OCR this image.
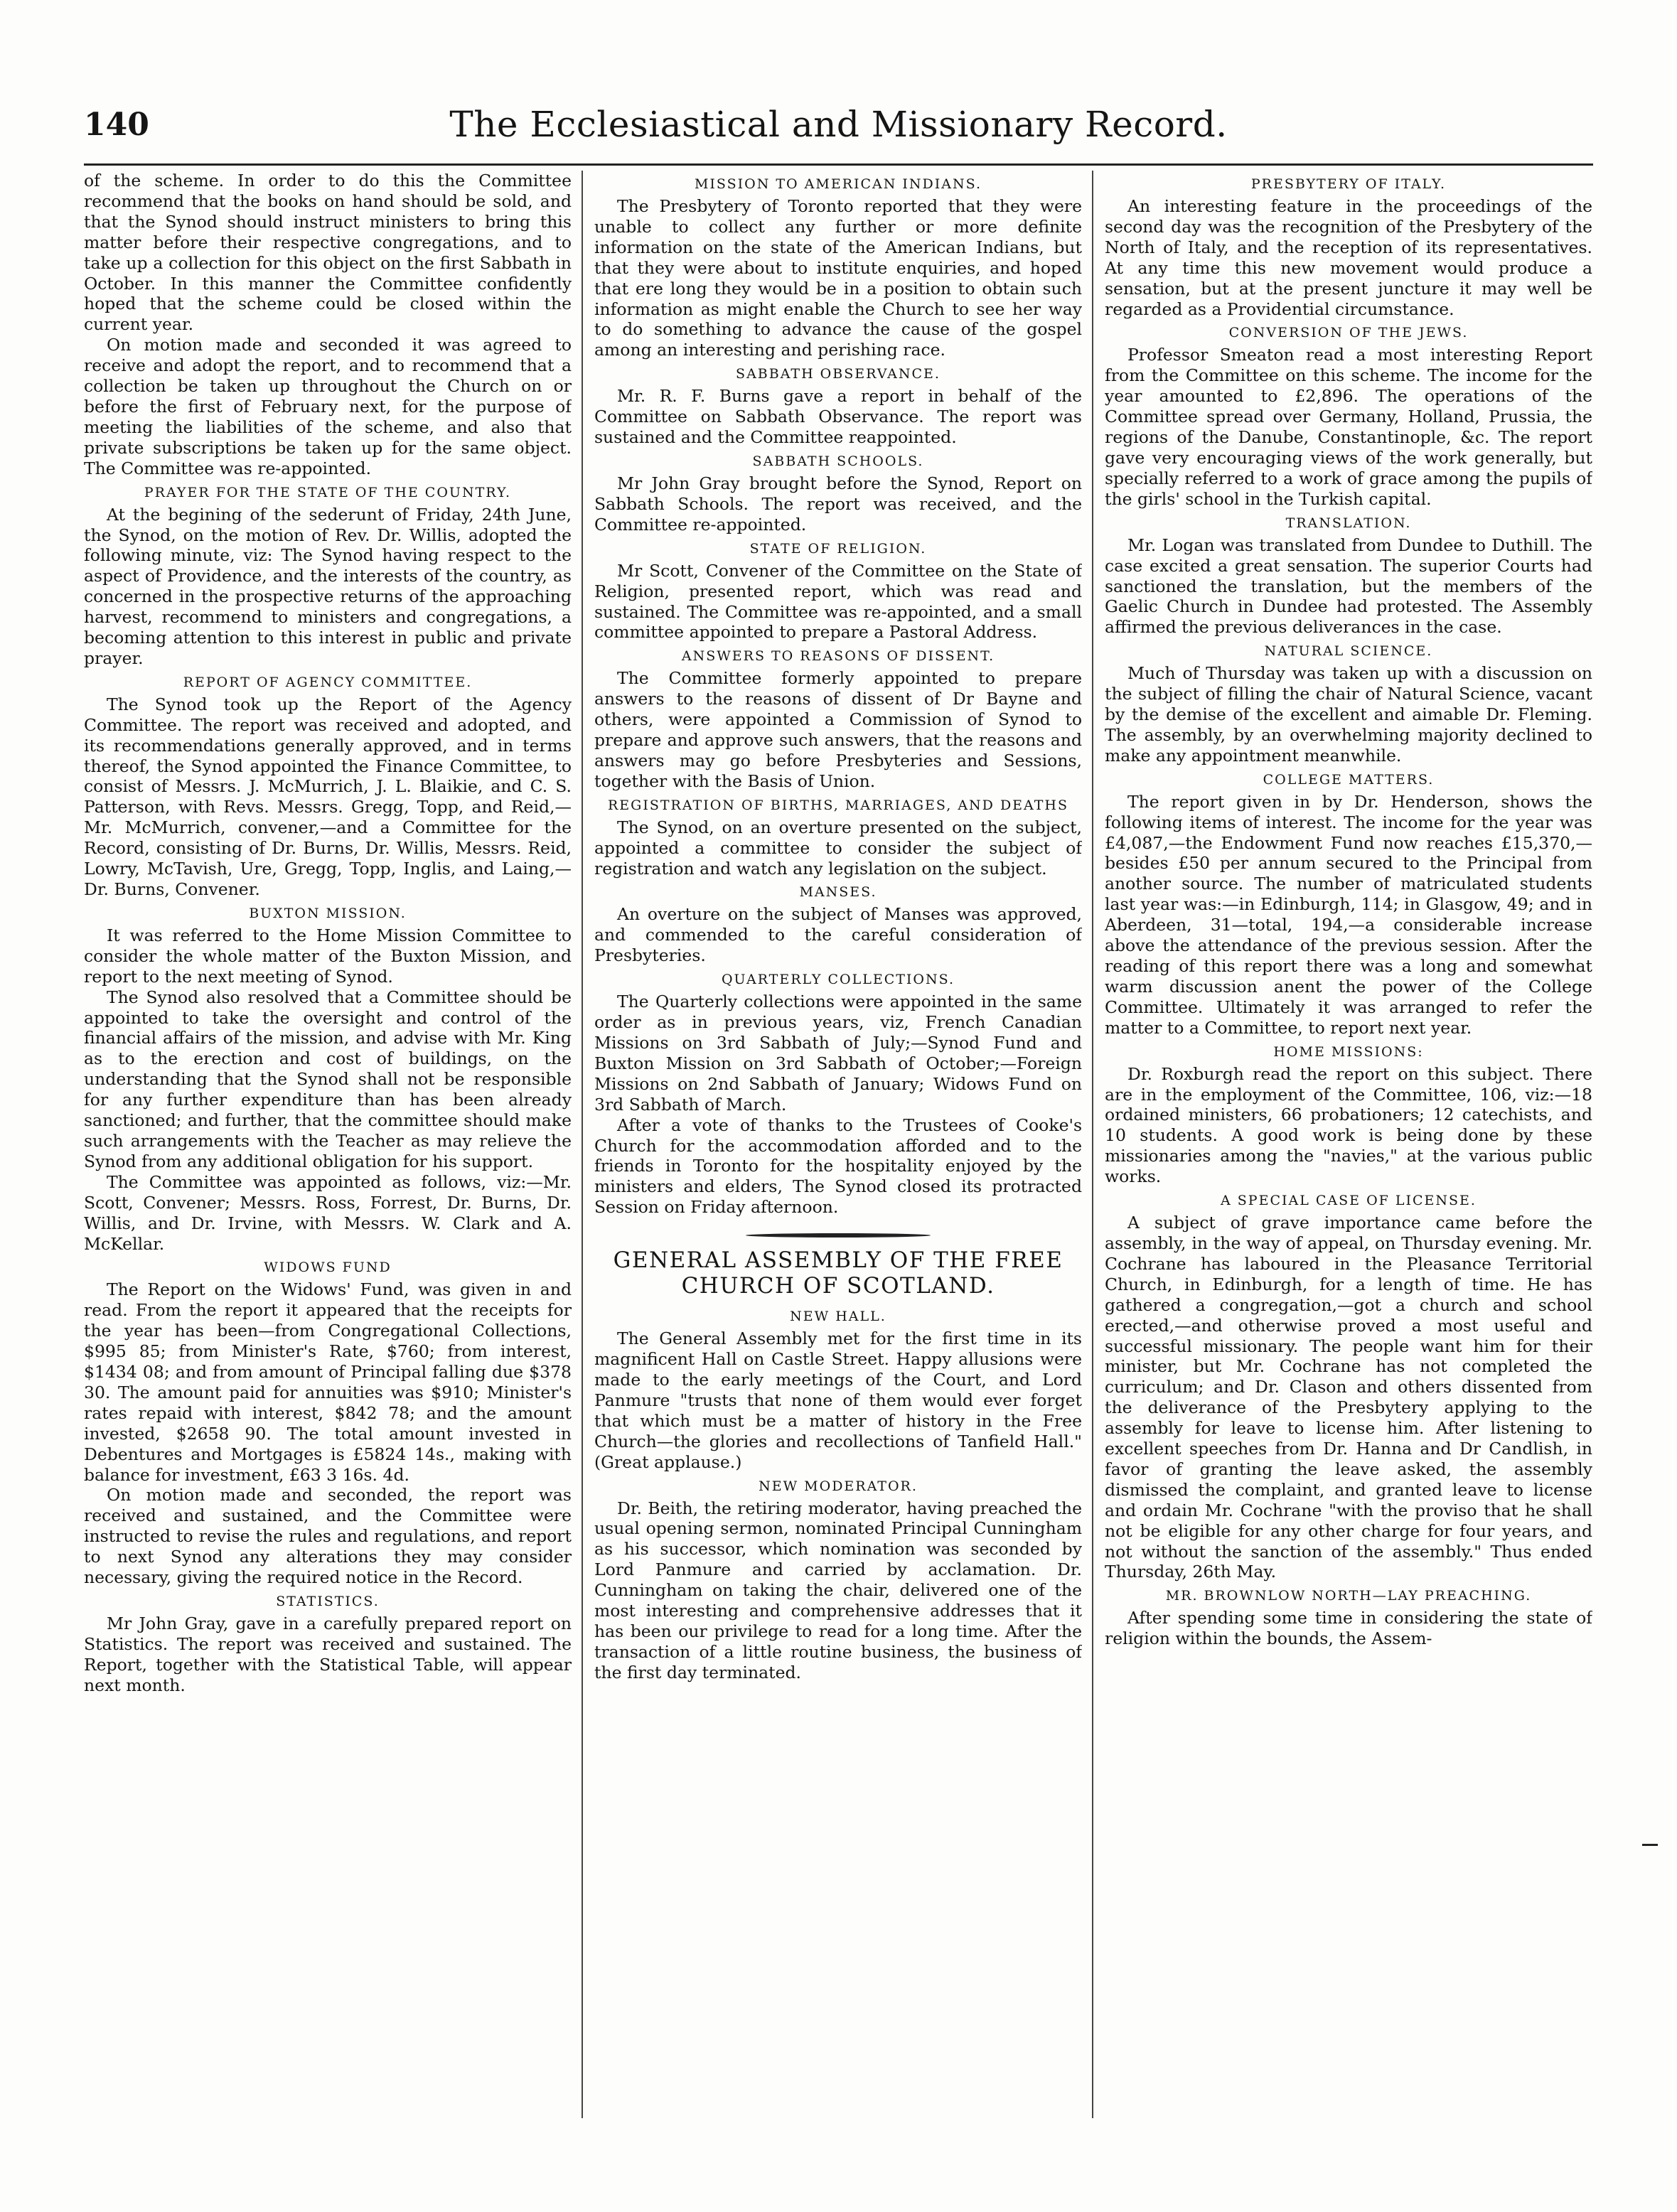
140	The Ecclesiastical and Missionary Record.

of the scheme. In order to do this the Committee recommend that the books on hand should be sold, and that the Synod should instruct ministers to bring this matter before their respective congregations, and to take up a collection for this object on the first Sabbath in October. In this manner the Committee confidently hoped that the scheme could be closed within the current year.

On motion made and seconded it was agreed to receive and adopt the report, and to recommend that a collection be taken up throughout the Church on or before the first of February next, for the purpose of meeting the liabilities of the scheme, and also that private subscriptions be taken up for the same object. The Committee was re-appointed.

PRAYER FOR THE STATE OF THE COUNTRY.

At the begining of the sederunt of Friday, 24th June, the Synod, on the motion of Rev. Dr. Willis, adopted the following minute, viz: The Synod having respect to the aspect of Providence, and the interests of the country, as concerned in the prospective returns of the approaching harvest, recommend to ministers and congregations, a becoming attention to this interest in public and private prayer.

REPORT OF AGENCY COMMITTEE.

The Synod took up the Report of the Agency Committee. The report was received and adopted, and its recommendations generally approved, and in terms thereof, the Synod appointed the Finance Committee, to consist of Messrs. J. McMurrich, J. L. Blaikie, and C. S. Patterson, with Revs. Messrs. Gregg, Topp, and Reid,—Mr. McMurrich, convener,—and a Committee for the Record, consisting of Dr. Burns, Dr. Willis, Messrs. Reid, Lowry, McTavish, Ure, Gregg, Topp, Inglis, and Laing,—Dr. Burns, Convener.

BUXTON MISSION.

It was referred to the Home Mission Committee to consider the whole matter of the Buxton Mission, and report to the next meeting of Synod.

The Synod also resolved that a Committee should be appointed to take the oversight and control of the financial affairs of the mission, and advise with Mr. King as to the erection and cost of buildings, on the understanding that the Synod shall not be responsible for any further expenditure than has been already sanctioned; and further, that the committee should make such arrangements with the Teacher as may relieve the Synod from any additional obligation for his support.

The Committee was appointed as follows, viz:—Mr. Scott, Convener; Messrs. Ross, Forrest, Dr. Burns, Dr. Willis, and Dr. Irvine, with Messrs. W. Clark and A. McKellar.

WIDOWS FUND

The Report on the Widows' Fund, was given in and read. From the report it appeared that the receipts for the year has been—from Congregational Collections, $995 85; from Minister's Rate, $760; from interest, $1434 08; and from amount of Principal falling due $378 30. The amount paid for annuities was $910; Minister's rates repaid with interest, $842 78; and the amount invested, $2658 90. The total amount invested in Debentures and Mortgages is £5824 14s., making with balance for investment, £63 3 16s. 4d.

On motion made and seconded, the report was received and sustained, and the Committee were instructed to revise the rules and regulations, and report to next Synod any alterations they may consider necessary, giving the required notice in the Record.

STATISTICS.

Mr John Gray, gave in a carefully prepared report on Statistics. The report was received and sustained. The Report, together with the Statistical Table, will appear next month.

MISSION TO AMERICAN INDIANS.

The Presbytery of Toronto reported that they were unable to collect any further or more definite information on the state of the American Indians, but that they were about to institute enquiries, and hoped that ere long they would be in a position to obtain such information as might enable the Church to see her way to do something to advance the cause of the gospel among an interesting and perishing race.

SABBATH OBSERVANCE.

Mr. R. F. Burns gave a report in behalf of the Committee on Sabbath Observance. The report was sustained and the Committee reappointed.

SABBATH SCHOOLS.

Mr John Gray brought before the Synod, Report on Sabbath Schools. The report was received, and the Committee re-appointed.

STATE OF RELIGION.

Mr Scott, Convener of the Committee on the State of Religion, presented report, which was read and sustained. The Committee was re-appointed, and a small committee appointed to prepare a Pastoral Address.

ANSWERS TO REASONS OF DISSENT.

The Committee formerly appointed to prepare answers to the reasons of dissent of Dr Bayne and others, were appointed a Commission of Synod to prepare and approve such answers, that the reasons and answers may go before Presbyteries and Sessions, together with the Basis of Union.

REGISTRATION OF BIRTHS, MARRIAGES, AND DEATHS

The Synod, on an overture presented on the subject, appointed a committee to consider the subject of registration and watch any legislation on the subject.

MANSES.

An overture on the subject of Manses was approved, and commended to the careful consideration of Presbyteries.

QUARTERLY COLLECTIONS.

The Quarterly collections were appointed in the same order as in previous years, viz, French Canadian Missions on 3rd Sabbath of July;—Synod Fund and Buxton Mission on 3rd Sabbath of October;—Foreign Missions on 2nd Sabbath of January; Widows Fund on 3rd Sabbath of March.

After a vote of thanks to the Trustees of Cooke's Church for the accommodation afforded and to the friends in Toronto for the hospitality enjoyed by the ministers and elders, The Synod closed its protracted Session on Friday afternoon.

GENERAL ASSEMBLY OF THE FREE CHURCH OF SCOTLAND.
NEW HALL.

The General Assembly met for the first time in its magnificent Hall on Castle Street. Happy allusions were made to the early meetings of the Court, and Lord Panmure "trusts that none of them would ever forget that which must be a matter of history in the Free Church—the glories and recollections of Tanfield Hall." (Great applause.)

NEW MODERATOR.

Dr. Beith, the retiring moderator, having preached the usual opening sermon, nominated Principal Cunningham as his successor, which nomination was seconded by Lord Panmure and carried by acclamation. Dr. Cunningham on taking the chair, delivered one of the most interesting and comprehensive addresses that it has been our privilege to read for a long time. After the transaction of a little routine business, the business of the first day terminated.

PRESBYTERY OF ITALY.

An interesting feature in the proceedings of the second day was the recognition of the Presbytery of the North of Italy, and the reception of its representatives. At any time this new movement would produce a sensation, but at the present juncture it may well be regarded as a Providential circumstance.

CONVERSION OF THE JEWS.

Professor Smeaton read a most interesting Report from the Committee on this scheme. The income for the year amounted to £2,896. The operations of the Committee spread over Germany, Holland, Prussia, the regions of the Danube, Constantinople, &c. The report gave very encouraging views of the work generally, but specially referred to a work of grace among the pupils of the girls' school in the Turkish capital.

TRANSLATION.

Mr. Logan was translated from Dundee to Duthill. The case excited a great sensation. The superior Courts had sanctioned the translation, but the members of the Gaelic Church in Dundee had protested. The Assembly affirmed the previous deliverances in the case.

NATURAL SCIENCE.

Much of Thursday was taken up with a discussion on the subject of filling the chair of Natural Science, vacant by the demise of the excellent and aimable Dr. Fleming. The assembly, by an overwhelming majority declined to make any appointment meanwhile.

COLLEGE MATTERS.

The report given in by Dr. Henderson, shows the following items of interest. The income for the year was £4,087,—the Endowment Fund now reaches £15,370,—besides £50 per annum secured to the Principal from another source. The number of matriculated students last year was:—in Edinburgh, 114; in Glasgow, 49; and in Aberdeen, 31—total, 194,—a considerable increase above the attendance of the previous session. After the reading of this report there was a long and somewhat warm discussion anent the power of the College Committee. Ultimately it was arranged to refer the matter to a Committee, to report next year.

HOME MISSIONS:

Dr. Roxburgh read the report on this subject. There are in the employment of the Committee, 106, viz:—18 ordained ministers, 66 probationers; 12 catechists, and 10 students. A good work is being done by these missionaries among the "navies," at the various public works.

A SPECIAL CASE OF LICENSE.

A subject of grave importance came before the assembly, in the way of appeal, on Thursday evening. Mr. Cochrane has laboured in the Pleasance Territorial Church, in Edinburgh, for a length of time. He has gathered a congregation,—got a church and school erected,—and otherwise proved a most useful and successful missionary. The people want him for their minister, but Mr. Cochrane has not completed the curriculum; and Dr. Clason and others dissented from the deliverance of the Presbytery applying to the assembly for leave to license him. After listening to excellent speeches from Dr. Hanna and Dr Candlish, in favor of granting the leave asked, the assembly dismissed the complaint, and granted leave to license and ordain Mr. Cochrane "with the proviso that he shall not be eligible for any other charge for four years, and not without the sanction of the assembly." Thus ended Thursday, 26th May.

MR. BROWNLOW NORTH—LAY PREACHING.

After spending some time in considering the state of religion within the bounds, the Assem-
